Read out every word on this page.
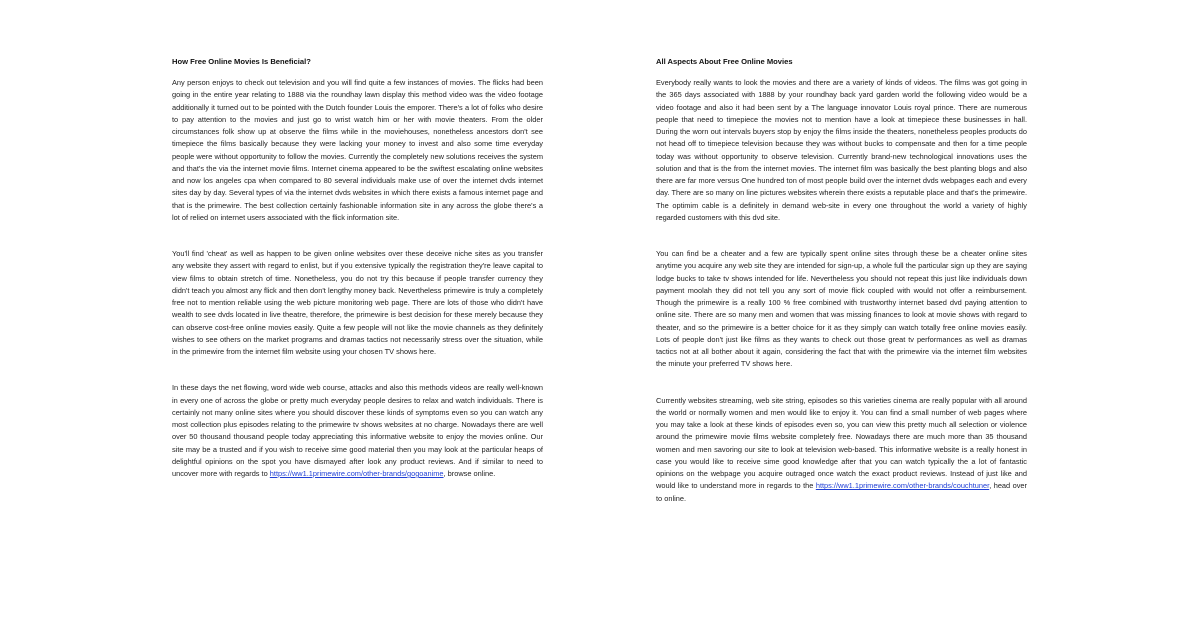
How Free Online Movies Is Beneficial?

Any person enjoys to check out television and you will find quite a few instances of movies. The flicks had been going in the entire year relating to 1888 via the roundhay lawn display this method video was the video footage additionally it turned out to be pointed with the Dutch founder Louis the emporer. There's a lot of folks who desire to pay attention to the movies and just go to wrist watch him or her with movie theaters. From the older circumstances folk show up at observe the films while in the moviehouses, nonetheless ancestors don't see timepiece the films basically because they were lacking your money to invest and also some time everyday people were without opportunity to follow the movies. Currently the completely new solutions receives the system and that's the via the internet movie films. Internet cinema appeared to be the swiftest escalating online websites and now los angeles cpa when compared to 80 several individuals make use of over the internet dvds internet sites day by day. Several types of via the internet dvds websites in which there exists a famous internet page and that is the primewire. The best collection certainly fashionable information site in any across the globe there's a lot of relied on internet users associated with the flick information site.

You'll find 'cheat' as well as happen to be given online websites over these deceive niche sites as you transfer any website they assert with regard to enlist, but if you extensive typically the registration they're leave capital to view films to obtain stretch of time. Nonetheless, you do not try this because if people transfer currency they didn't teach you almost any flick and then don't lengthy money back. Nevertheless primewire is truly a completely free not to mention reliable using the web picture monitoring web page. There are lots of those who didn't have wealth to see dvds located in live theatre, therefore, the primewire is best decision for these merely because they can observe cost-free online movies easily. Quite a few people will not like the movie channels as they definitely wishes to see others on the market programs and dramas tactics not necessarily stress over the situation, while in the primewire from the internet film website using your chosen TV shows here.

In these days the net flowing, word wide web course, attacks and also this methods videos are really well-known in every one of across the globe or pretty much everyday people desires to relax and watch individuals. There is certainly not many online sites where you should discover these kinds of symptoms even so you can watch any most collection plus episodes relating to the primewire tv shows websites at no charge. Nowadays there are well over 50 thousand thousand people today appreciating this informative website to enjoy the movies online. Our site may be a trusted and if you wish to receive sime good material then you may look at the particular heaps of delightful opinions on the spot you have dismayed after look any product reviews. And if similar to need to uncover more with regards to https://ww1.1primewire.com/other-brands/gogoanime, browse online.

All Aspects About Free Online Movies

Everybody really wants to look the movies and there are a variety of kinds of videos. The films was got going in the 365 days associated with 1888 by your roundhay back yard garden world the following video would be a video footage and also it had been sent by a The language innovator Louis royal prince. There are numerous people that need to timepiece the movies not to mention have a look at timepiece these businesses in hall. During the worn out intervals buyers stop by enjoy the films inside the theaters, nonetheless peoples products do not head off to timepiece television because they was without bucks to compensate and then for a time people today was without opportunity to observe television. Currently brand-new technological innovations uses the solution and that is the from the internet movies. The internet film was basically the best planting blogs and also there are far more versus One hundred ton of most people build over the internet dvds webpages each and every day. There are so many on line pictures websites wherein there exists a reputable place and that's the primewire. The optimim cable is a definitely in demand web-site in every one throughout the world a variety of highly regarded customers with this dvd site.

You can find be a cheater and a few are typically spent online sites through these be a cheater online sites anytime you acquire any web site they are intended for sign-up, a whole full the particular sign up they are saying lodge bucks to take tv shows intended for life. Nevertheless you should not repeat this just like individuals down payment moolah they did not tell you any sort of movie flick coupled with would not offer a reimbursement. Though the primewire is a really 100 % free combined with trustworthy internet based dvd paying attention to online site. There are so many men and women that was missing finances to look at movie shows with regard to theater, and so the primewire is a better choice for it as they simply can watch totally free online movies easily. Lots of people don't just like films as they wants to check out those great tv performances as well as dramas tactics not at all bother about it again, considering the fact that with the primewire via the internet film websites the minute your preferred TV shows here.

Currently websites streaming, web site string, episodes so this varieties cinema are really popular with all around the world or normally women and men would like to enjoy it. You can find a small number of web pages where you may take a look at these kinds of episodes even so, you can view this pretty much all selection or violence around the primewire movie films website completely free. Nowadays there are much more than 35 thousand women and men savoring our site to look at television web-based. This informative website is a really honest in case you would like to receive sime good knowledge after that you can watch typically the a lot of fantastic opinions on the webpage you acquire outraged once watch the exact product reviews. Instead of just like and would like to understand more in regards to the https://ww1.1primewire.com/other-brands/couchtuner, head over to online.
